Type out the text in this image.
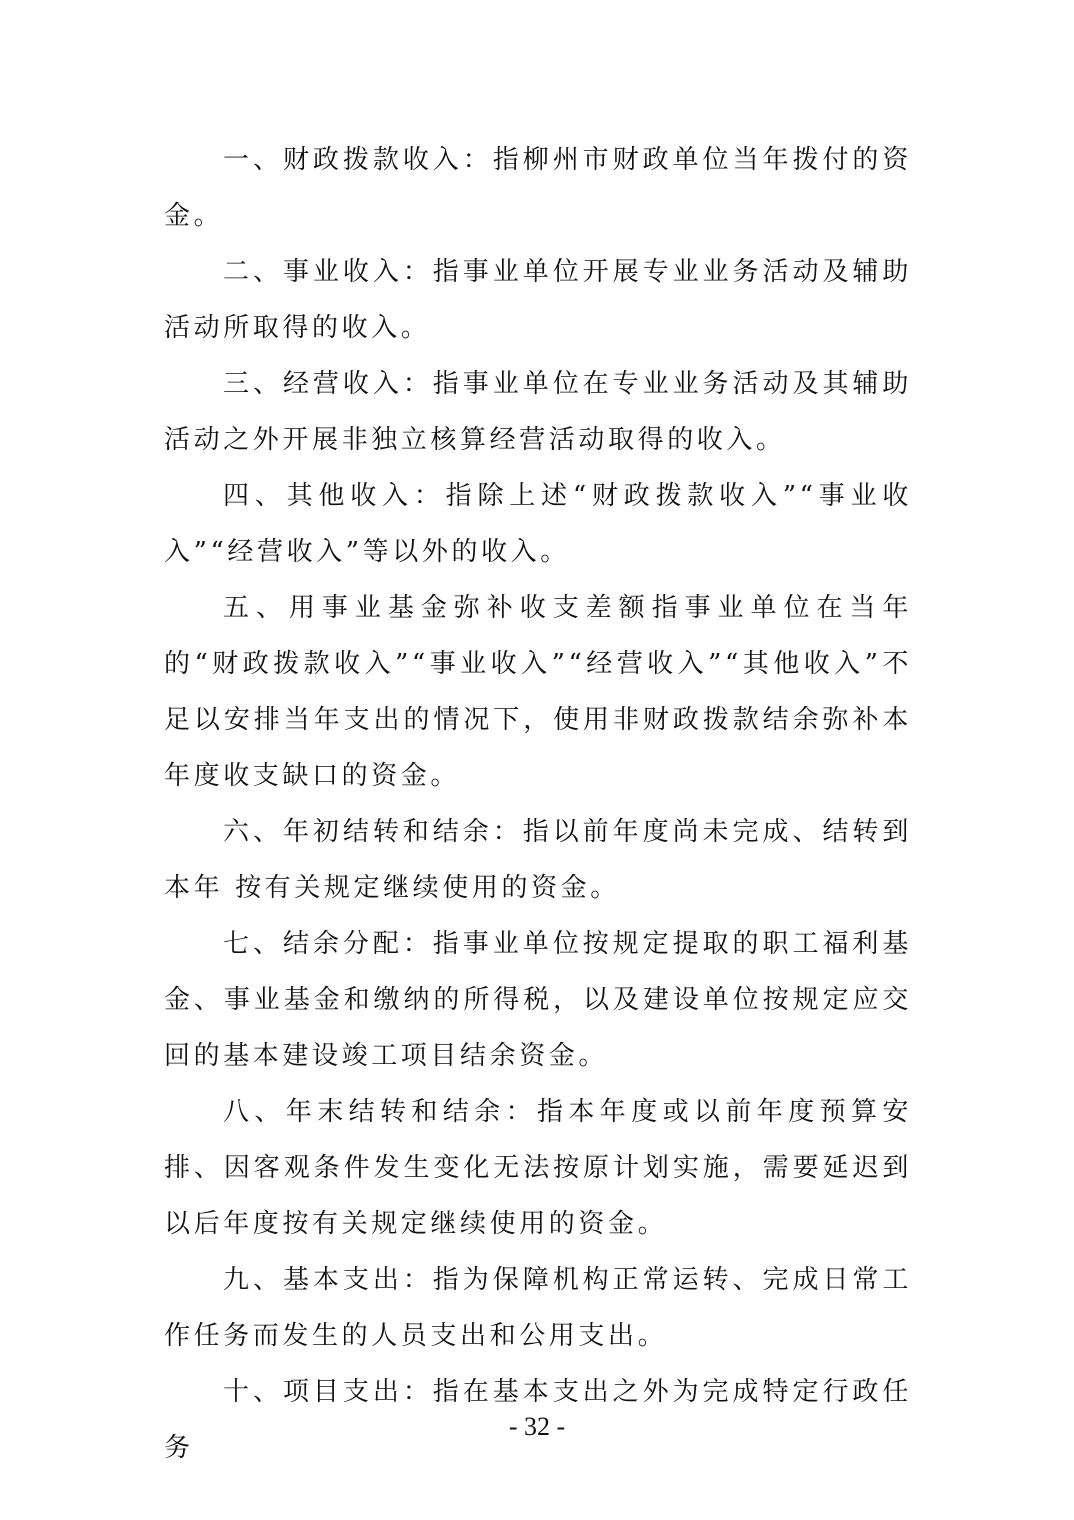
一、财政拨款收入：指柳州市财政单位当年拨付的资金。

二、事业收入：指事业单位开展专业业务活动及辅助活动所取得的收入。

三、经营收入：指事业单位在专业业务活动及其辅助活动之外开展非独立核算经营活动取得的收入。

四、其他收入：指除上述“财政拨款收入”“事业收入”“经营收入”等以外的收入。

五、用事业基金弥补收支差额指事业单位在当年的“财政拨款收入”“事业收入”“经营收入”“其他收入”不足以安排当年支出的情况下，使用非财政拨款结余弥补本年度收支缺口的资金。

六、年初结转和结余：指以前年度尚未完成、结转到本年 按有关规定继续使用的资金。

七、结余分配：指事业单位按规定提取的职工福利基金、事业基金和缴纳的所得税，以及建设单位按规定应交回的基本建设竣工项目结余资金。

八、年末结转和结余：指本年度或以前年度预算安排、因客观条件发生变化无法按原计划实施，需要延迟到以后年度按有关规定继续使用的资金。

九、基本支出：指为保障机构正常运转、完成日常工作任务而发生的人员支出和公用支出。

十、项目支出：指在基本支出之外为完成特定行政任务

- 32 -
